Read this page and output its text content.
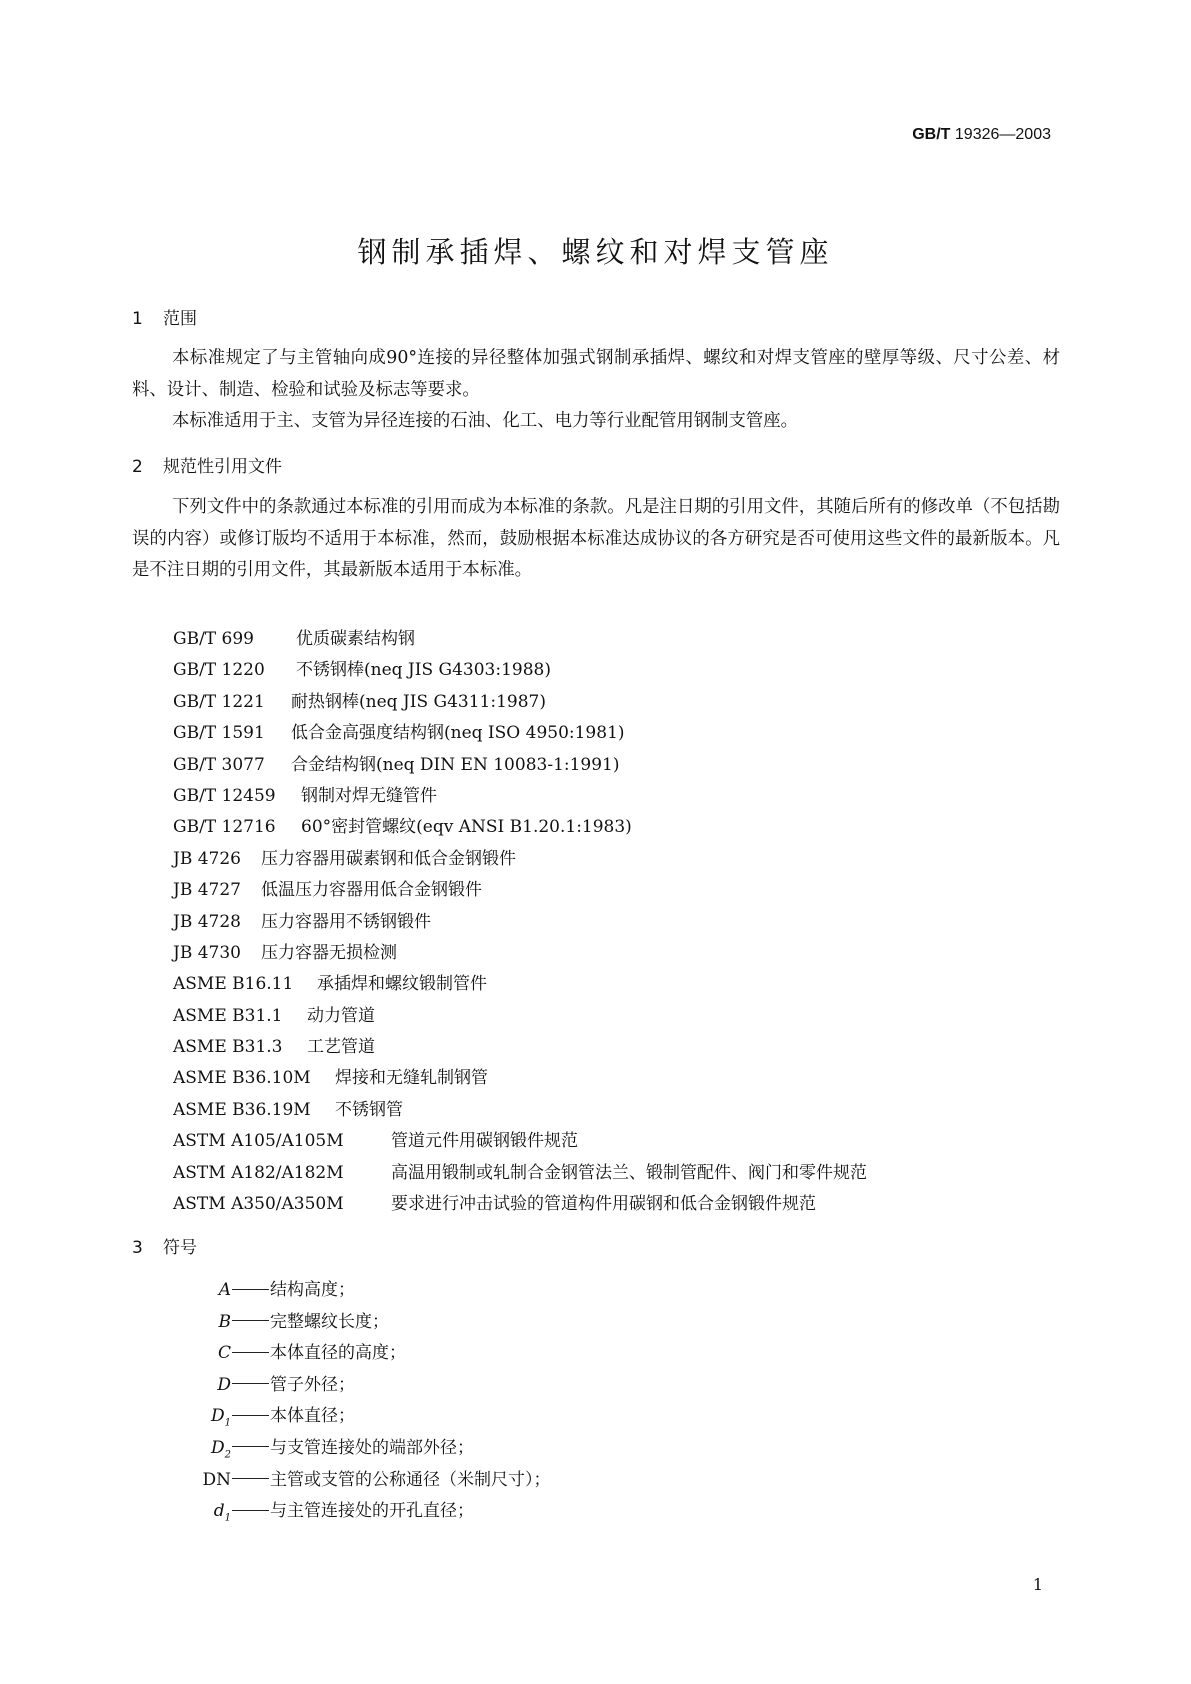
GB/T 19326—2003
钢制承插焊、螺纹和对焊支管座
1 范围

本标准规定了与主管轴向成90°连接的异径整体加强式钢制承插焊、螺纹和对焊支管座的壁厚等级、尺寸公差、材料、设计、制造、检验和试验及标志等要求。

本标准适用于主、支管为异径连接的石油、化工、电力等行业配管用钢制支管座。

2 规范性引用文件

下列文件中的条款通过本标准的引用而成为本标准的条款。凡是注日期的引用文件，其随后所有的修改单（不包括勘误的内容）或修订版均不适用于本标准，然而，鼓励根据本标准达成协议的各方研究是否可使用这些文件的最新版本。凡是不注日期的引用文件，其最新版本适用于本标准。

GB/T 699 优质碳素结构钢
GB/T 1220 不锈钢棒(neq JIS G4303:1988)
GB/T 1221 耐热钢棒(neq JIS G4311:1987)
GB/T 1591 低合金高强度结构钢(neq ISO 4950:1981)
GB/T 3077 合金结构钢(neq DIN EN 10083-1:1991)
GB/T 12459 钢制对焊无缝管件
GB/T 12716 60°密封管螺纹(eqv ANSI B1.20.1:1983)
JB 4726 压力容器用碳素钢和低合金钢锻件
JB 4727 低温压力容器用低合金钢锻件
JB 4728 压力容器用不锈钢锻件
JB 4730 压力容器无损检测
ASME B16.11 承插焊和螺纹锻制管件
ASME B31.1 动力管道
ASME B31.3 工艺管道
ASME B36.10M 焊接和无缝轧制钢管
ASME B36.19M 不锈钢管
ASTM A105/A105M	管道元件用碳钢锻件规范
ASTM A182/A182M	高温用锻制或轧制合金钢管法兰、锻制管配件、阀门和零件规范
ASTM A350/A350M	要求进行冲击试验的管道构件用碳钢和低合金钢锻件规范
3 符号
A 结构高度；
B 完整螺纹长度；
C 本体直径的高度；
D 管子外径；
$D_1$ 本体直径；
$D_2$ 与支管连接处的端部外径；
DN 主管或支管的公称通径（米制尺寸）；
$d_1$ 与主管连接处的开孔直径；
1
